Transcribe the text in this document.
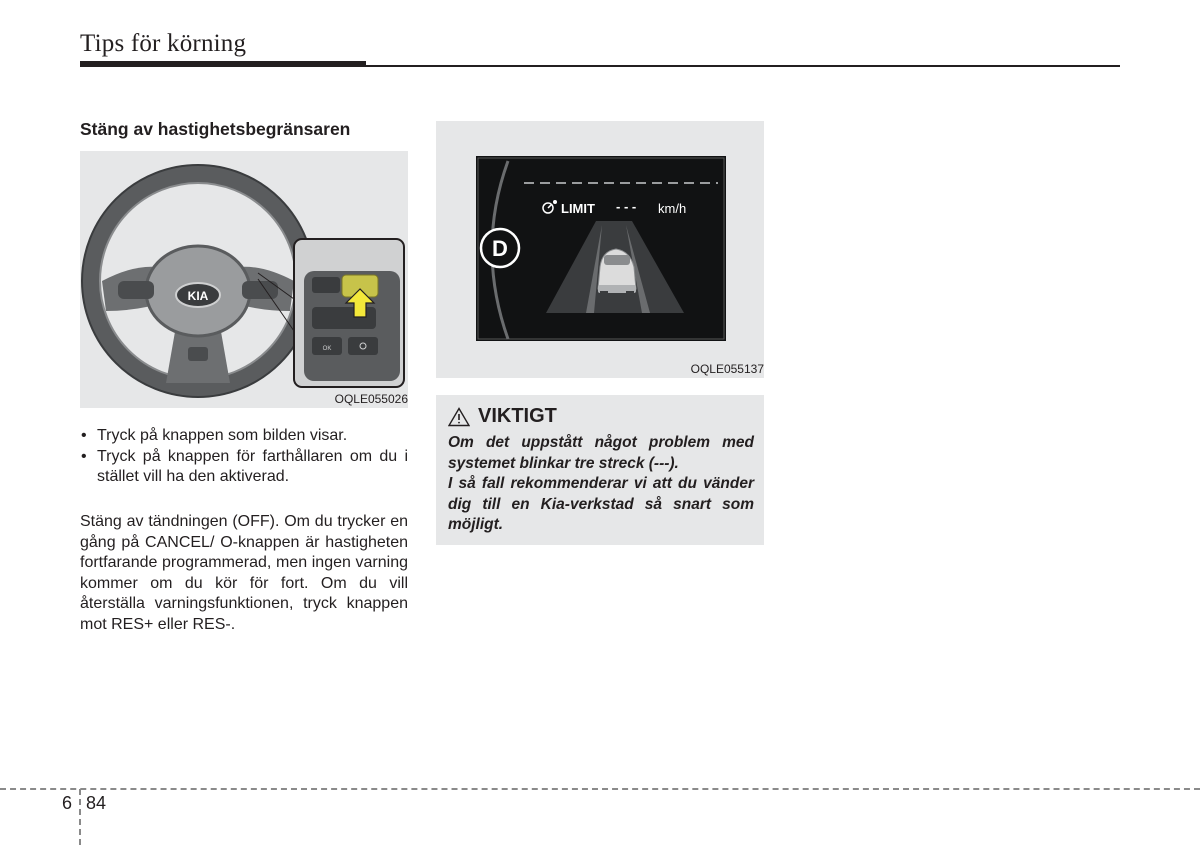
Tips för körning
Stäng av hastighetsbegränsaren
KIA
OK
OQLE055026
LIMIT - - - km/h
D
OQLE055137
• Tryck på knappen som bilden visar.
• Tryck på knappen för farthållaren om du i stället vill ha den aktiverad.
Stäng av tändningen (OFF). Om du trycker en gång på CANCEL/ O-knappen är hastigheten fortfarande programmerad, men ingen varning kommer om du kör för fort. Om du vill återställa varningsfunktionen, tryck knappen mot RES+ eller RES-.
VIKTIGT

Om det uppstått något problem med systemet blinkar tre streck (---).

I så fall rekommenderar vi att du vänder dig till en Kia-verkstad så snart som möjligt.

6 84
